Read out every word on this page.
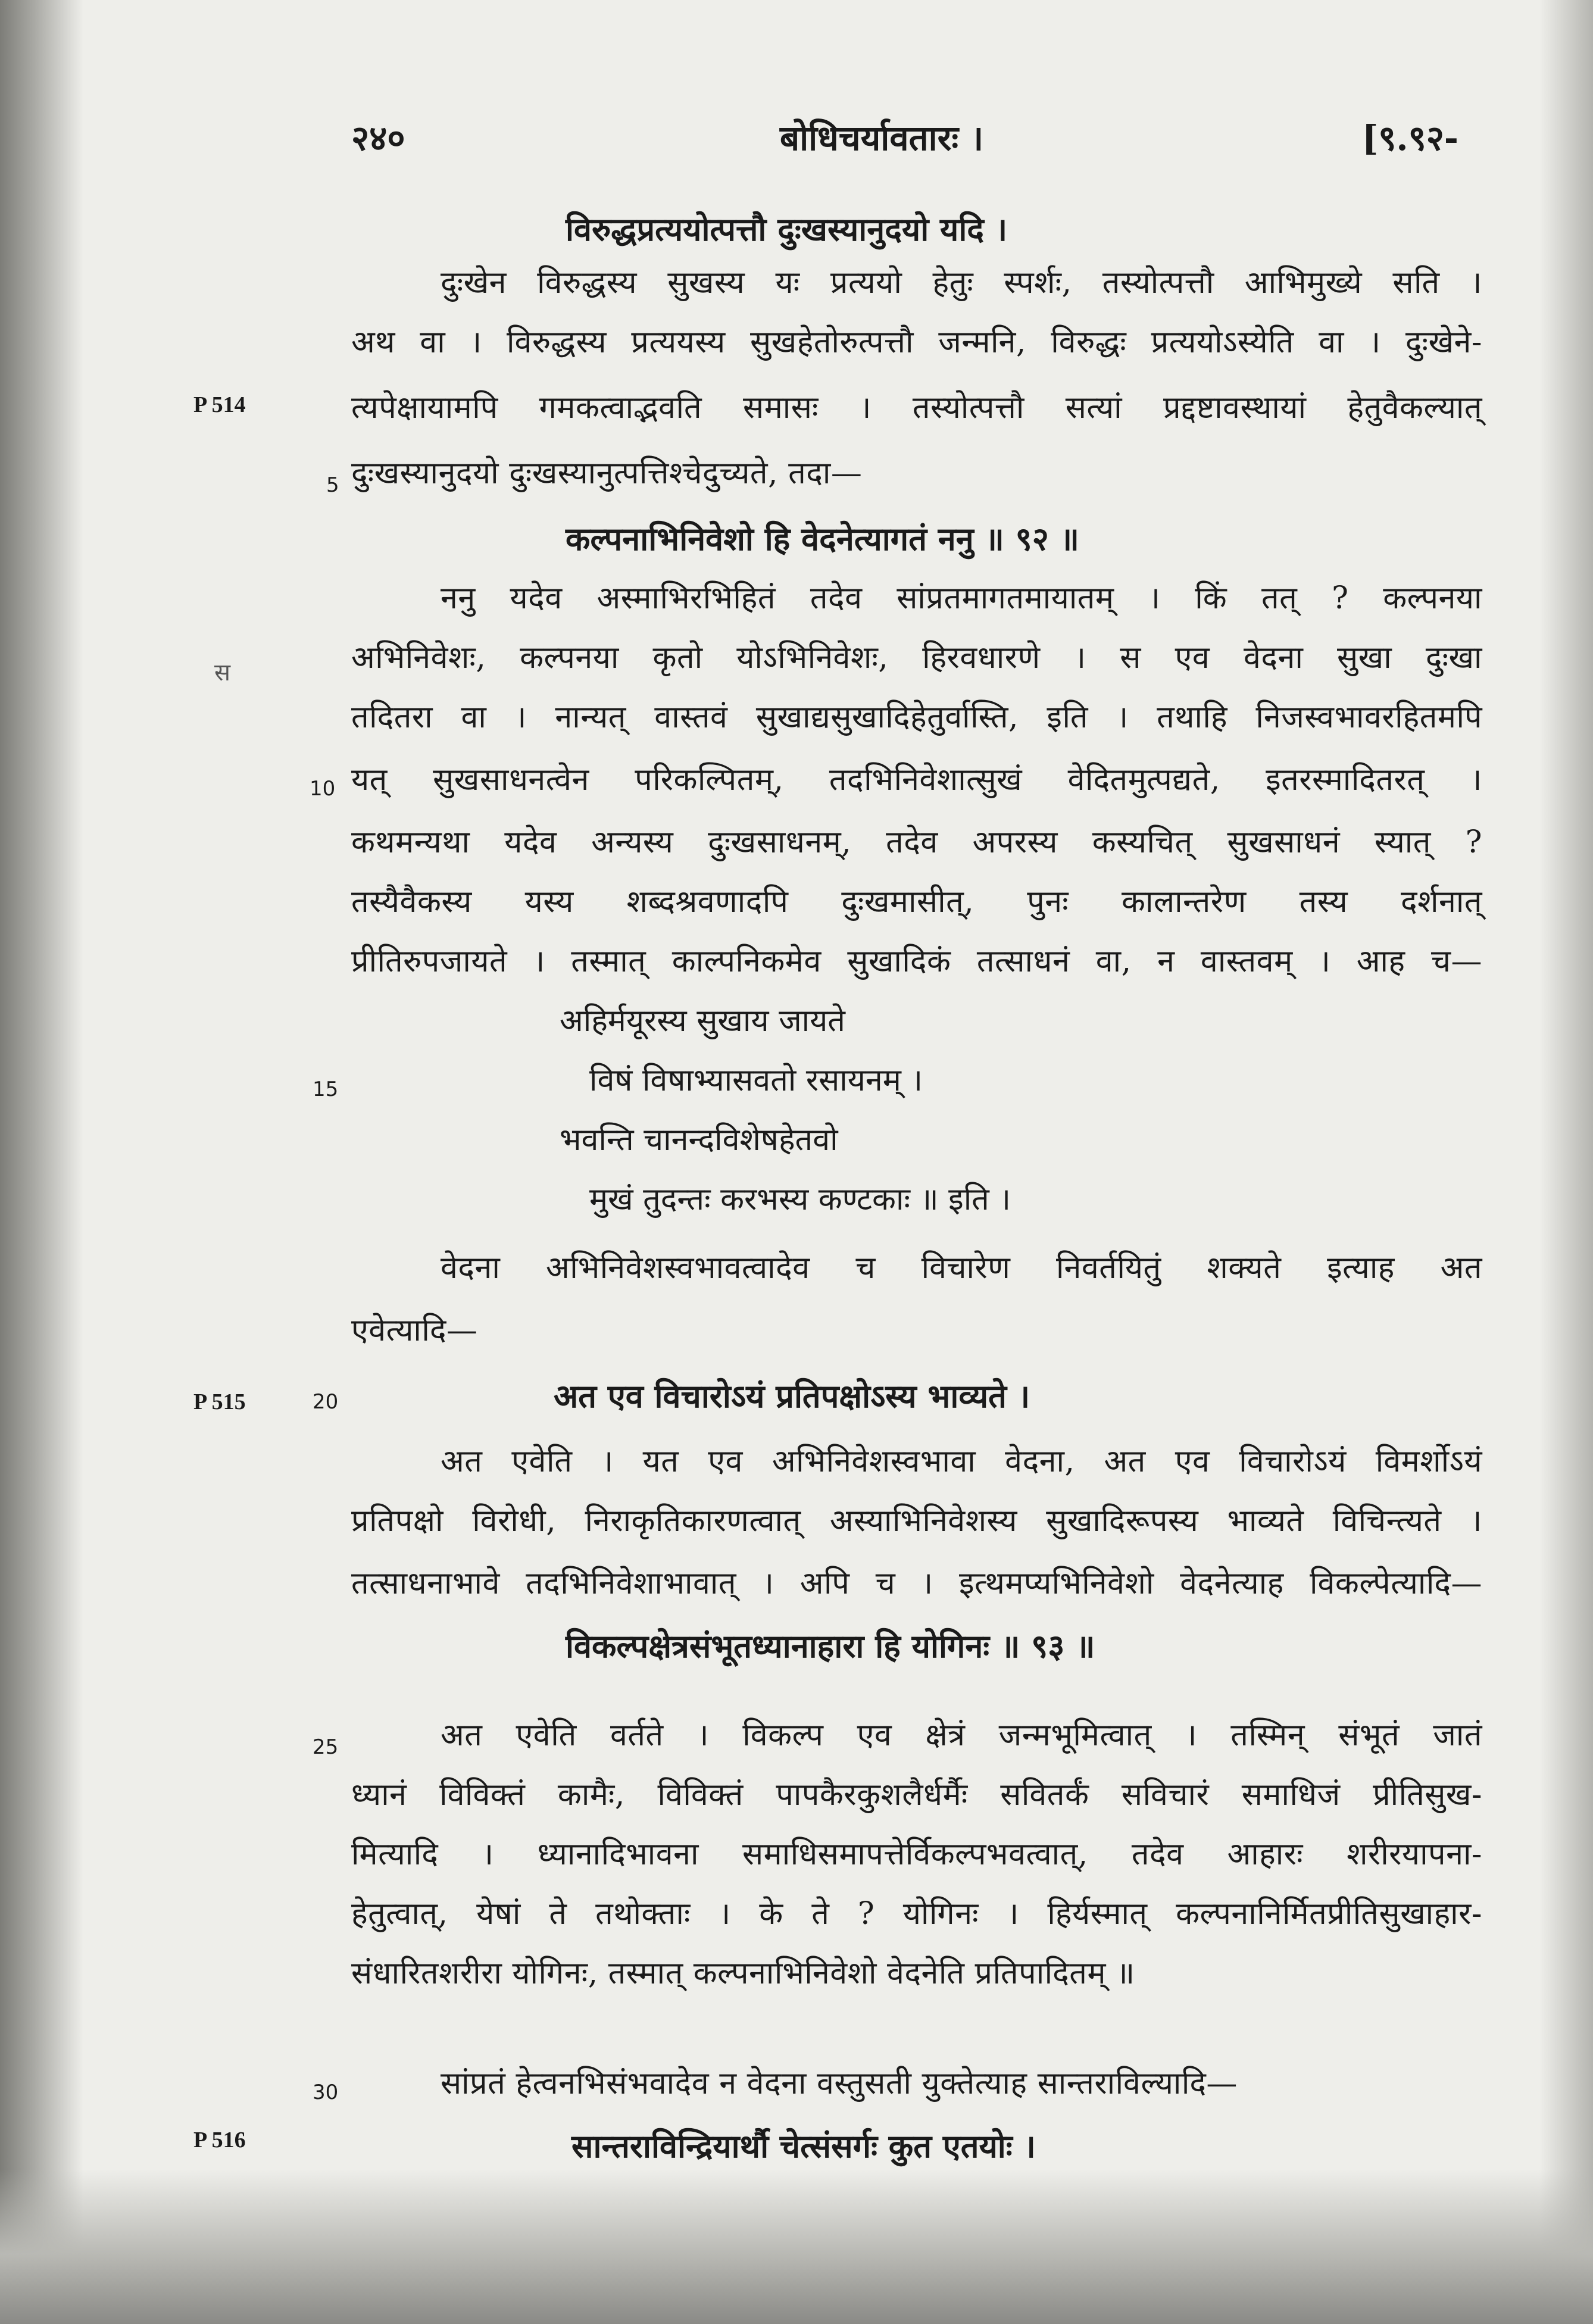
२४०	बोधिचर्यावतारः ।	[९.९२-
P 514
P 515
P 516
5
10
15
20
25
30
स
विरुद्धप्रत्ययोत्पत्तौ दुःखस्यानुदयो यदि ।
दुःखेन विरुद्धस्य सुखस्य यः प्रत्ययो हेतुः स्पर्शः, तस्योत्पत्तौ आभिमुख्ये सति ।
अथ वा । विरुद्धस्य प्रत्ययस्य सुखहेतोरुत्पत्तौ जन्मनि, विरुद्धः प्रत्ययोऽस्येति वा । दुःखेने-
त्यपेक्षायामपि गमकत्वाद्भवति समासः । तस्योत्पत्तौ सत्यां प्रद्दष्टावस्थायां हेतुवैकल्यात्
दुःखस्यानुदयो दुःखस्यानुत्पत्तिश्चेदुच्यते, तदा—
कल्पनाभिनिवेशो हि वेदनेत्यागतं ननु ॥ ९२ ॥
ननु यदेव अस्माभिरभिहितं तदेव सांप्रतमागतमायातम् । किं तत् ? कल्पनया
अभिनिवेशः, कल्पनया कृतो योऽभिनिवेशः, हिरवधारणे । स एव वेदना सुखा दुःखा
तदितरा वा । नान्यत् वास्तवं सुखाद्यसुखादिहेतुर्वास्ति, इति । तथाहि निजस्वभावरहितमपि
यत् सुखसाधनत्वेन परिकल्पितम्, तदभिनिवेशात्सुखं वेदितमुत्पद्यते, इतरस्मादितरत् ।
कथमन्यथा यदेव अन्यस्य दुःखसाधनम्, तदेव अपरस्य कस्यचित् सुखसाधनं स्यात् ?
तस्यैवैकस्य यस्य शब्दश्रवणादपि दुःखमासीत्, पुनः कालान्तरेण तस्य दर्शनात्
प्रीतिरुपजायते । तस्मात् काल्पनिकमेव सुखादिकं तत्साधनं वा, न वास्तवम् । आह च—
अहिर्मयूरस्य सुखाय जायते
विषं विषाभ्यासवतो रसायनम् ।
भवन्ति चानन्दविशेषहेतवो
मुखं तुदन्तः करभस्य कण्टकाः ॥ इति ।
वेदना अभिनिवेशस्वभावत्वादेव च विचारेण निवर्तयितुं शक्यते इत्याह अत
एवेत्यादि—
अत एव विचारोऽयं प्रतिपक्षोऽस्य भाव्यते ।
अत एवेति । यत एव अभिनिवेशस्वभावा वेदना, अत एव विचारोऽयं विमर्शोऽयं
प्रतिपक्षो विरोधी, निराकृतिकारणत्वात् अस्याभिनिवेशस्य सुखादिरूपस्य भाव्यते विचिन्त्यते ।
तत्साधनाभावे तदभिनिवेशाभावात् । अपि च । इत्थमप्यभिनिवेशो वेदनेत्याह विकल्पेत्यादि—
विकल्पक्षेत्रसंभूतध्यानाहारा हि योगिनः ॥ ९३ ॥
अत एवेति वर्तते । विकल्प एव क्षेत्रं जन्मभूमित्वात् । तस्मिन् संभूतं जातं
ध्यानं विविक्तं कामैः, विविक्तं पापकैरकुशलैर्धर्मैः सवितर्कं सविचारं समाधिजं प्रीतिसुख-
मित्यादि । ध्यानादिभावना समाधिसमापत्तेर्विकल्पभवत्वात्, तदेव आहारः शरीरयापना-
हेतुत्वात्, येषां ते तथोक्ताः । के ते ? योगिनः । हिर्यस्मात् कल्पनानिर्मितप्रीतिसुखाहार-
संधारितशरीरा योगिनः, तस्मात् कल्पनाभिनिवेशो वेदनेति प्रतिपादितम् ॥
सांप्रतं हेत्वनभिसंभवादेव न वेदना वस्तुसती युक्तेत्याह सान्तराविल्यादि—
सान्तराविन्द्रियार्थौ चेत्संसर्गः कुत एतयोः ।
